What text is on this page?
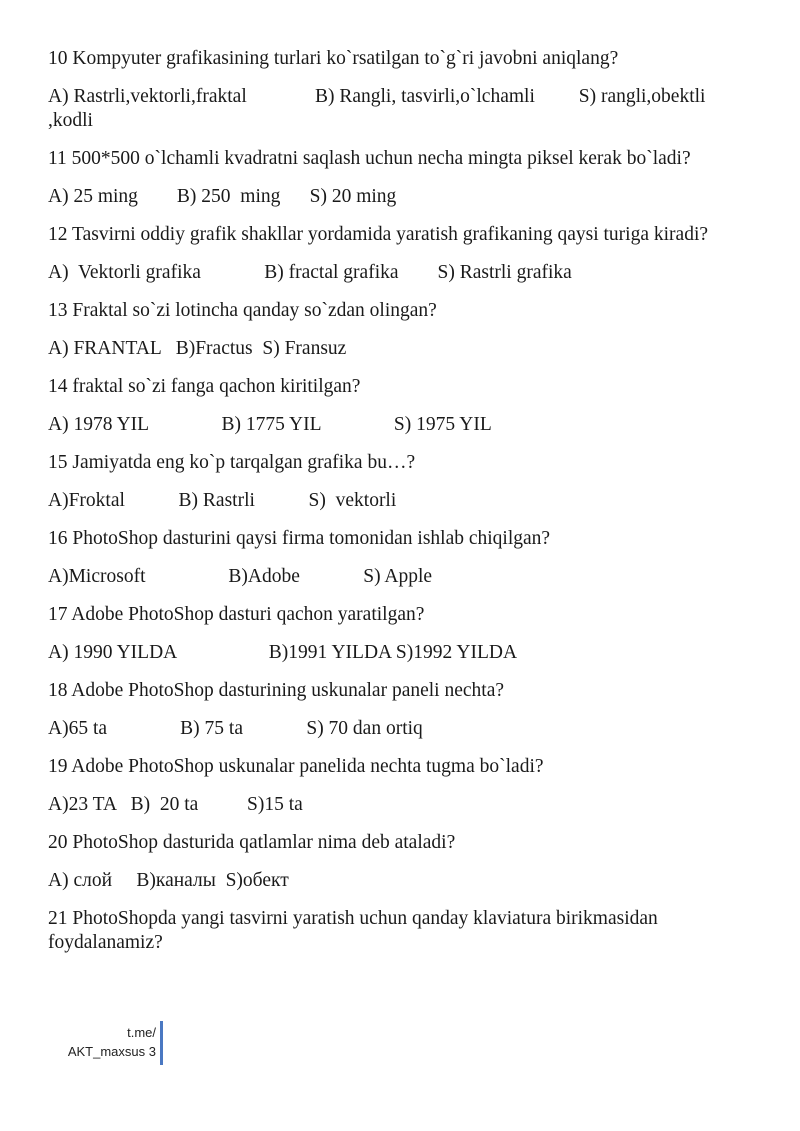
10 Kompyuter grafikasining turlari ko`rsatilgan to`g`ri javobni aniqlang?

A) Rastrli,vektorli,fraktal              B) Rangli, tasvirli,o`lchamli         S) rangli,obektli ,kodli

11 500*500 o`lchamli kvadratni saqlash uchun necha mingta piksel kerak bo`ladi?

A) 25 ming        B) 250  ming      S) 20 ming

12 Tasvirni oddiy grafik shakllar yordamida yaratish grafikaning qaysi turiga kiradi?

A)  Vektorli grafika             B) fractal grafika        S) Rastrli grafika

13 Fraktal so`zi lotincha qanday so`zdan olingan?

A) FRANTAL   B)Fractus  S) Fransuz

14 fraktal so`zi fanga qachon kiritilgan?

A) 1978 YIL               B) 1775 YIL               S) 1975 YIL

15 Jamiyatda eng ko`p tarqalgan grafika bu…?

A)Froktal           B) Rastrli           S)  vektorli

16 PhotoShop dasturini qaysi firma tomonidan ishlab chiqilgan?

A)Microsoft                 B)Adobe             S) Apple

17 Adobe PhotoShop dasturi qachon yaratilgan?

A) 1990 YILDA                   B)1991 YILDA S)1992 YILDA

18 Adobe PhotoShop dasturining uskunalar paneli nechta?

A)65 ta               B) 75 ta             S) 70 dan ortiq

19 Adobe PhotoShop uskunalar panelida nechta tugma bo`ladi?

A)23 TA   B)  20 ta          S)15 ta

20 PhotoShop dasturida qatlamlar nima deb ataladi?

A) слой     B)каналы  S)обект

21 PhotoShopda yangi tasvirni yaratish uchun qanday klaviatura birikmasidan foydalanamiz?

t.me/
AKT_maxsus 3
